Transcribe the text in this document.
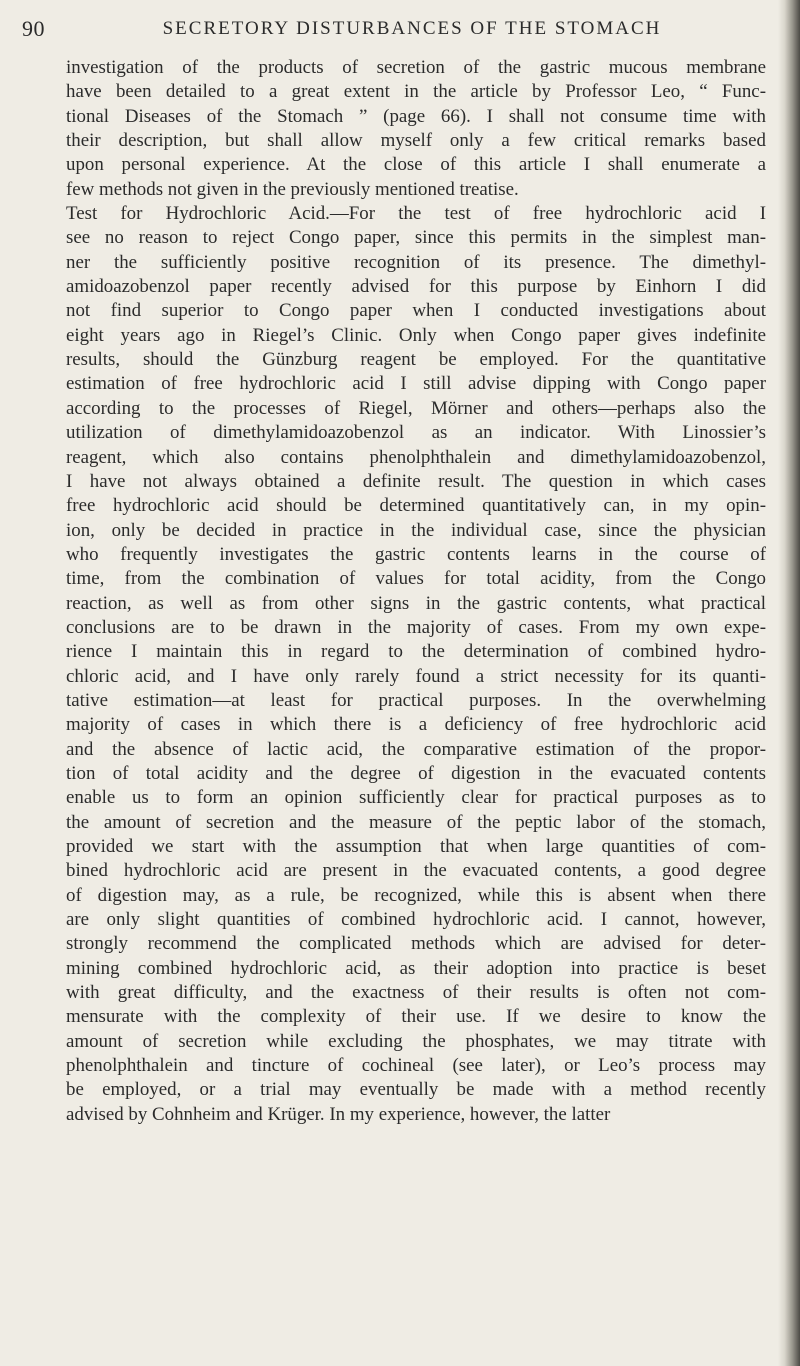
90	SECRETORY DISTURBANCES OF THE STOMACH
investigation of the products of secretion of the gastric mucous membrane
have been detailed to a great extent in the article by Professor Leo, “ Func-
tional Diseases of the Stomach ” (page 66). I shall not consume time with
their description, but shall allow myself only a few critical remarks based
upon personal experience. At the close of this article I shall enumerate a
few methods not given in the previously mentioned treatise.
Test for Hydrochloric Acid.—For the test of free hydrochloric acid I
see no reason to reject Congo paper, since this permits in the simplest man-
ner the sufficiently positive recognition of its presence. The dimethyl-
amidoazobenzol paper recently advised for this purpose by Einhorn I did
not find superior to Congo paper when I conducted investigations about
eight years ago in Riegel’s Clinic. Only when Congo paper gives indefinite
results, should the Günzburg reagent be employed. For the quantitative
estimation of free hydrochloric acid I still advise dipping with Congo paper
according to the processes of Riegel, Mörner and others—perhaps also the
utilization of dimethylamidoazobenzol as an indicator. With Linossier’s
reagent, which also contains phenolphthalein and dimethylamidoazobenzol,
I have not always obtained a definite result. The question in which cases
free hydrochloric acid should be determined quantitatively can, in my opin-
ion, only be decided in practice in the individual case, since the physician
who frequently investigates the gastric contents learns in the course of
time, from the combination of values for total acidity, from the Congo
reaction, as well as from other signs in the gastric contents, what practical
conclusions are to be drawn in the majority of cases. From my own expe-
rience I maintain this in regard to the determination of combined hydro-
chloric acid, and I have only rarely found a strict necessity for its quanti-
tative estimation—at least for practical purposes. In the overwhelming
majority of cases in which there is a deficiency of free hydrochloric acid
and the absence of lactic acid, the comparative estimation of the propor-
tion of total acidity and the degree of digestion in the evacuated contents
enable us to form an opinion sufficiently clear for practical purposes as to
the amount of secretion and the measure of the peptic labor of the stomach,
provided we start with the assumption that when large quantities of com-
bined hydrochloric acid are present in the evacuated contents, a good degree
of digestion may, as a rule, be recognized, while this is absent when there
are only slight quantities of combined hydrochloric acid. I cannot, however,
strongly recommend the complicated methods which are advised for deter-
mining combined hydrochloric acid, as their adoption into practice is beset
with great difficulty, and the exactness of their results is often not com-
mensurate with the complexity of their use. If we desire to know the
amount of secretion while excluding the phosphates, we may titrate with
phenolphthalein and tincture of cochineal (see later), or Leo’s process may
be employed, or a trial may eventually be made with a method recently
advised by Cohnheim and Krüger. In my experience, however, the latter
